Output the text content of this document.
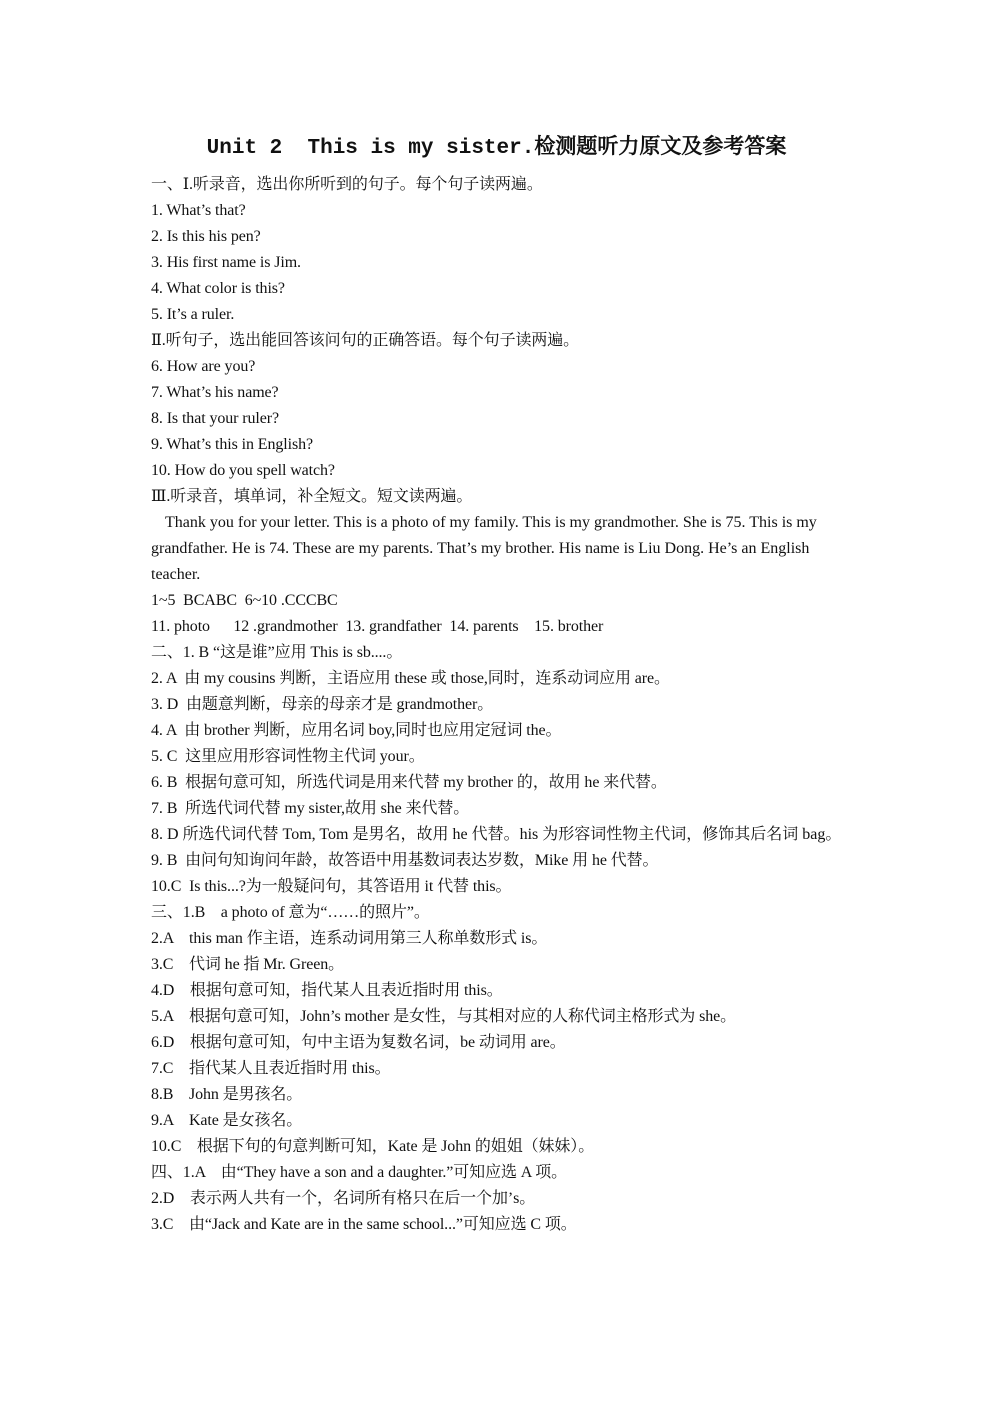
Unit 2  This is my sister.检测题听力原文及参考答案
一、Ⅰ.听录音，选出你所听到的句子。每个句子读两遍。
1. What’s that?
2. Is this his pen?
3. His first name is Jim.
4. What color is this?
5. It’s a ruler.
Ⅱ.听句子，选出能回答该问句的正确答语。每个句子读两遍。
6. How are you?
7. What’s his name?
8. Is that your ruler?
9. What’s this in English?
10. How do you spell watch?
Ⅲ.听录音，填单词，补全短文。短文读两遍。
Thank you for your letter. This is a photo of my family. This is my grandmother. She is 75. This is my grandfather. He is 74. These are my parents. That’s my brother. His name is Liu Dong. He’s an English teacher.
1~5  BCABC  6~10 .CCCBC
11. photo      12 .grandmother  13. grandfather  14. parents    15. brother
二、1. B “这是谁”应用 This is sb....。
2. A  由 my cousins 判断，主语应用 these 或 those,同时，连系动词应用 are。
3. D  由题意判断，母亲的母亲才是 grandmother。
4. A  由 brother 判断，应用名词 boy,同时也应用定冠词 the。
5. C  这里应用形容词性物主代词 your。
6. B  根据句意可知，所选代词是用来代替 my brother 的，故用 he 来代替。
7. B  所选代词代替 my sister,故用 she 来代替。
8. D 所选代词代替 Tom, Tom 是男名，故用 he 代替。his 为形容词性物主代词，修饰其后名词 bag。
9. B  由问句知询问年龄，故答语中用基数词表达岁数，Mike 用 he 代替。
10.C  Is this...?为一般疑问句，其答语用 it 代替 this。
三、1.B    a photo of 意为“……的照片”。
2.A    this man 作主语，连系动词用第三人称单数形式 is。
3.C    代词 he 指 Mr. Green。
4.D    根据句意可知，指代某人且表近指时用 this。
5.A    根据句意可知，John’s mother 是女性，与其相对应的人称代词主格形式为 she。
6.D    根据句意可知，句中主语为复数名词，be 动词用 are。
7.C    指代某人且表近指时用 this。
8.B    John 是男孩名。
9.A    Kate 是女孩名。
10.C    根据下句的句意判断可知，Kate 是 John 的姐姐（妹妹）。
四、1.A    由“They have a son and a daughter.”可知应选 A 项。
2.D    表示两人共有一个，名词所有格只在后一个加’s。
3.C    由“Jack and Kate are in the same school...”可知应选 C 项。
